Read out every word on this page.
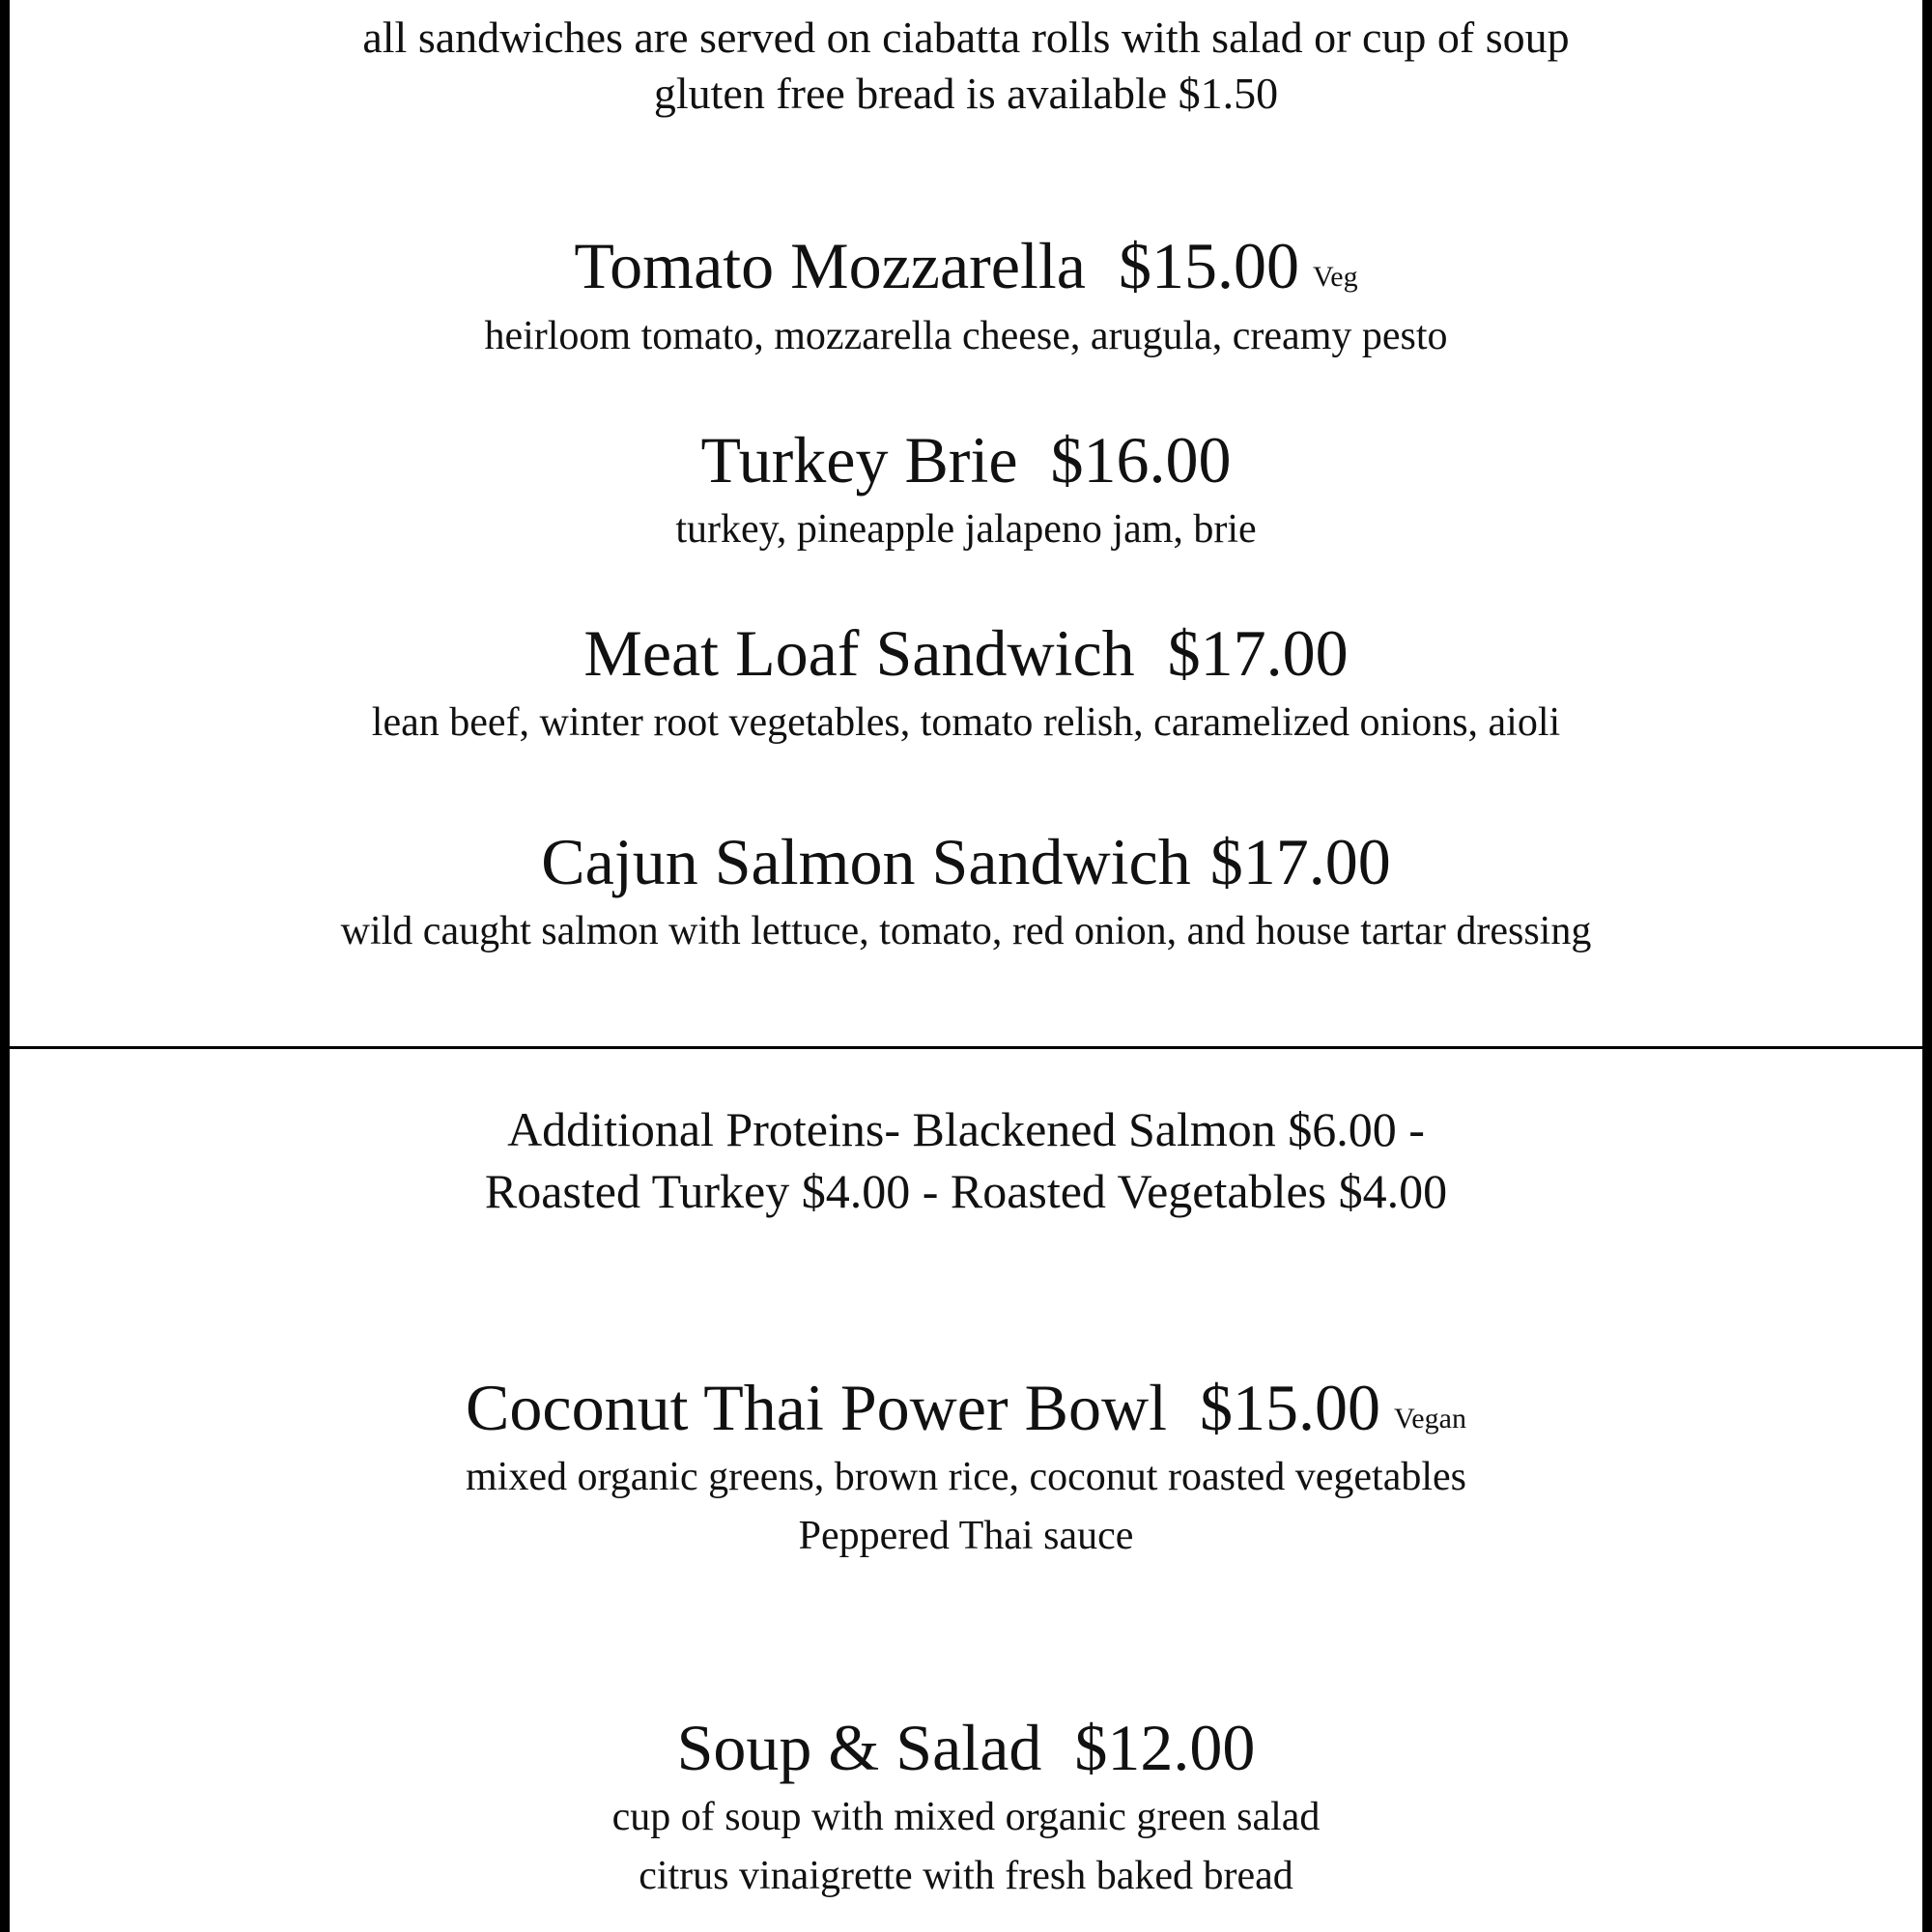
all sandwiches are served on ciabatta rolls with salad or cup of soup
gluten free bread is available $1.50
Tomato Mozzarella $15.00 Veg
heirloom tomato, mozzarella cheese, arugula, creamy pesto
Turkey Brie $16.00
turkey, pineapple jalapeno jam, brie
Meat Loaf Sandwich $17.00
lean beef, winter root vegetables, tomato relish, caramelized onions, aioli
Cajun Salmon Sandwich $17.00
wild caught salmon with lettuce, tomato, red onion, and house tartar dressing
Additional Proteins- Blackened Salmon $6.00 -
Roasted Turkey $4.00 - Roasted Vegetables $4.00
Coconut Thai Power Bowl $15.00 Vegan
mixed organic greens, brown rice, coconut roasted vegetables
Peppered Thai sauce
Soup & Salad $12.00
cup of soup with mixed organic green salad
citrus vinaigrette with fresh baked bread
